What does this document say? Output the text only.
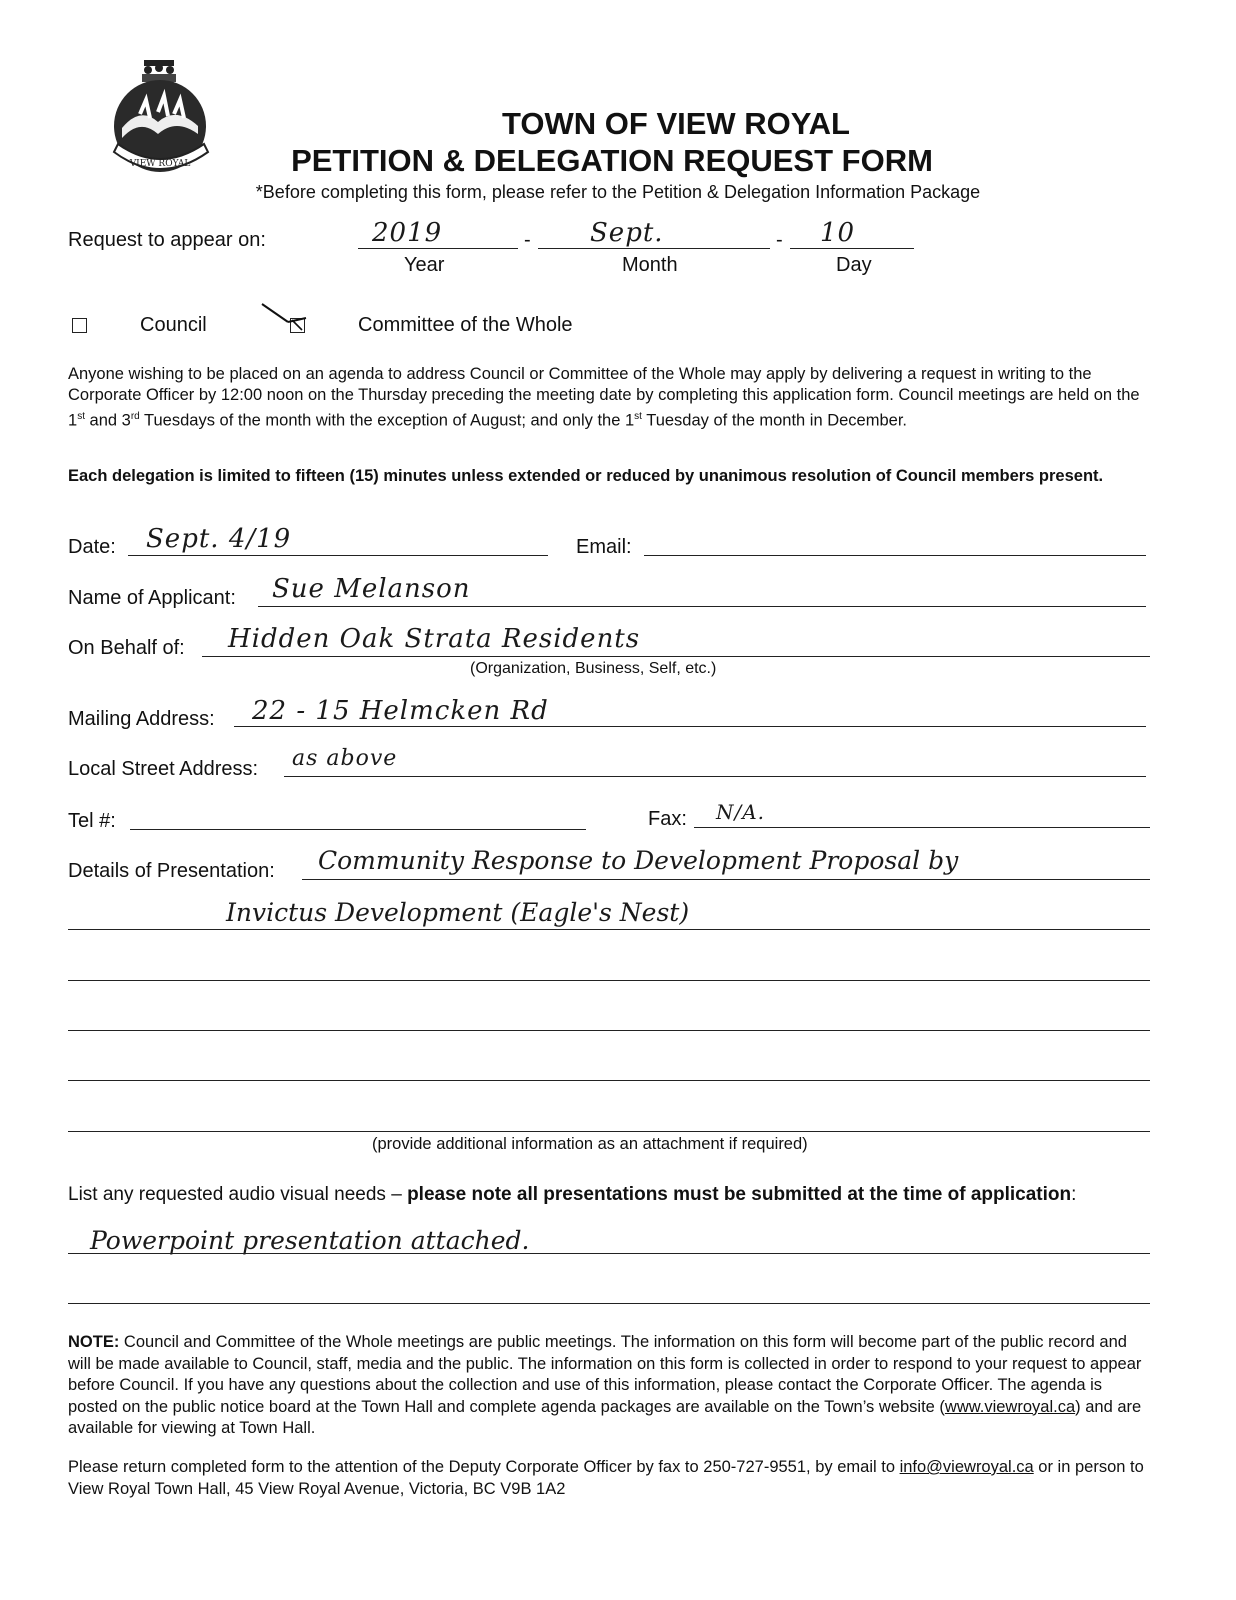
VIEW ROYAL
TOWN OF VIEW ROYAL
PETITION & DELEGATION REQUEST FORM
*Before completing this form, please refer to the Petition & Delegation Information Package
Request to appear on:	2019	- Sept.	- 10
Year	Month	Day
Council	Committee of the Whole
Anyone wishing to be placed on an agenda to address Council or Committee of the Whole may apply by delivering a request in writing to the Corporate Officer by 12:00 noon on the Thursday preceding the meeting date by completing this application form. Council meetings are held on the 1st and 3rd Tuesdays of the month with the exception of August; and only the 1st Tuesday of the month in December.
Each delegation is limited to fifteen (15) minutes unless extended or reduced by unanimous resolution of Council members present.
Date: Sept. 4/19	Email:
Name of Applicant: Sue Melanson
On Behalf of: Hidden Oak Strata Residents
(Organization, Business, Self, etc.)
Mailing Address: 22 - 15 Helmcken Rd
Local Street Address: as above
Tel #:	Fax: N/A.
Details of Presentation: Community Response to Development Proposal by
Invictus Development (Eagle's Nest)
(provide additional information as an attachment if required)
List any requested audio visual needs – please note all presentations must be submitted at the time of application:
Powerpoint presentation attached.
NOTE: Council and Committee of the Whole meetings are public meetings. The information on this form will become part of the public record and will be made available to Council, staff, media and the public. The information on this form is collected in order to respond to your request to appear before Council. If you have any questions about the collection and use of this information, please contact the Corporate Officer. The agenda is posted on the public notice board at the Town Hall and complete agenda packages are available on the Town’s website (www.viewroyal.ca) and are available for viewing at Town Hall.
Please return completed form to the attention of the Deputy Corporate Officer by fax to 250-727-9551, by email to info@viewroyal.ca or in person to View Royal Town Hall, 45 View Royal Avenue, Victoria, BC V9B 1A2
